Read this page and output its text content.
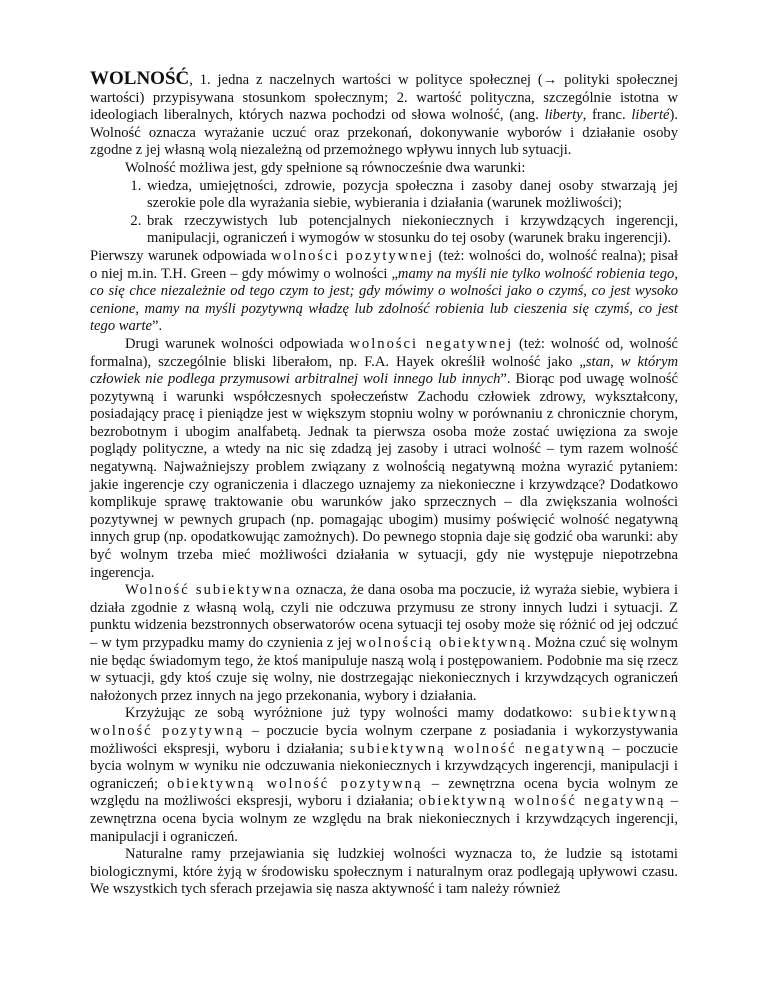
WOLNOŚĆ, 1. jedna z naczelnych wartości w polityce społecznej (→ polityki społecznej wartości) przypisywana stosunkom społecznym; 2. wartość polityczna, szczególnie istotna w ideologiach liberalnych, których nazwa pochodzi od słowa wolność, (ang. liberty, franc. liberté). Wolność oznacza wyrażanie uczuć oraz przekonań, dokonywanie wyborów i działanie osoby zgodne z jej własną wolą niezależną od przemożnego wpływu innych lub sytuacji.

Wolność możliwa jest, gdy spełnione są równocześnie dwa warunki:

1. wiedza, umiejętności, zdrowie, pozycja społeczna i zasoby danej osoby stwarzają jej szerokie pole dla wyrażania siebie, wybierania i działania (warunek możliwości);
2. brak rzeczywistych lub potencjalnych niekoniecznych i krzywdzących ingerencji, manipulacji, ograniczeń i wymogów w stosunku do tej osoby (warunek braku ingerencji).

Pierwszy warunek odpowiada wolności pozytywnej (też: wolności do, wolność realna); pisał o niej m.in. T.H. Green – gdy mówimy o wolności „mamy na myśli nie tylko wolność robienia tego, co się chce niezależnie od tego czym to jest; gdy mówimy o wolności jako o czymś, co jest wysoko cenione, mamy na myśli pozytywną władzę lub zdolność robienia lub cieszenia się czymś, co jest tego warte”.

Drugi warunek wolności odpowiada wolności negatywnej (też: wolność od, wolność formalna), szczególnie bliski liberałom, np. F.A. Hayek określił wolność jako „stan, w którym człowiek nie podlega przymusowi arbitralnej woli innego lub innych”. Biorąc pod uwagę wolność pozytywną i warunki współczesnych społeczeństw Zachodu człowiek zdrowy, wykształcony, posiadający pracę i pieniądze jest w większym stopniu wolny w porównaniu z chronicznie chorym, bezrobotnym i ubogim analfabetą. Jednak ta pierwsza osoba może zostać uwięziona za swoje poglądy polityczne, a wtedy na nic się zdadzą jej zasoby i utraci wolność – tym razem wolność negatywną. Najważniejszy problem związany z wolnością negatywną można wyrazić pytaniem: jakie ingerencje czy ograniczenia i dlaczego uznajemy za niekonieczne i krzywdzące? Dodatkowo komplikuje sprawę traktowanie obu warunków jako sprzecznych – dla zwiększania wolności pozytywnej w pewnych grupach (np. pomagając ubogim) musimy poświęcić wolność negatywną innych grup (np. opodatkowując zamożnych). Do pewnego stopnia daje się godzić oba warunki: aby być wolnym trzeba mieć możliwości działania w sytuacji, gdy nie występuje niepotrzebna ingerencja.

Wolność subiektywna oznacza, że dana osoba ma poczucie, iż wyraża siebie, wybiera i działa zgodnie z własną wolą, czyli nie odczuwa przymusu ze strony innych ludzi i sytuacji. Z punktu widzenia bezstronnych obserwatorów ocena sytuacji tej osoby może się różnić od jej odczuć – w tym przypadku mamy do czynienia z jej wolnością obiektywną. Można czuć się wolnym nie będąc świadomym tego, że ktoś manipuluje naszą wolą i postępowaniem. Podobnie ma się rzecz w sytuacji, gdy ktoś czuje się wolny, nie dostrzegając niekoniecznych i krzywdzących ograniczeń nałożonych przez innych na jego przekonania, wybory i działania.

Krzyżując ze sobą wyróżnione już typy wolności mamy dodatkowo: subiektywną wolność pozytywną – poczucie bycia wolnym czerpane z posiadania i wykorzystywania możliwości ekspresji, wyboru i działania; subiektywną wolność negatywną – poczucie bycia wolnym w wyniku nie odczuwania niekoniecznych i krzywdzących ingerencji, manipulacji i ograniczeń; obiektywną wolność pozytywną – zewnętrzna ocena bycia wolnym ze względu na możliwości ekspresji, wyboru i działania; obiektywną wolność negatywną – zewnętrzna ocena bycia wolnym ze względu na brak niekoniecznych i krzywdzących ingerencji, manipulacji i ograniczeń.

Naturalne ramy przejawiania się ludzkiej wolności wyznacza to, że ludzie są istotami biologicznymi, które żyją w środowisku społecznym i naturalnym oraz podlegają upływowi czasu. We wszystkich tych sferach przejawia się nasza aktywność i tam należy również
